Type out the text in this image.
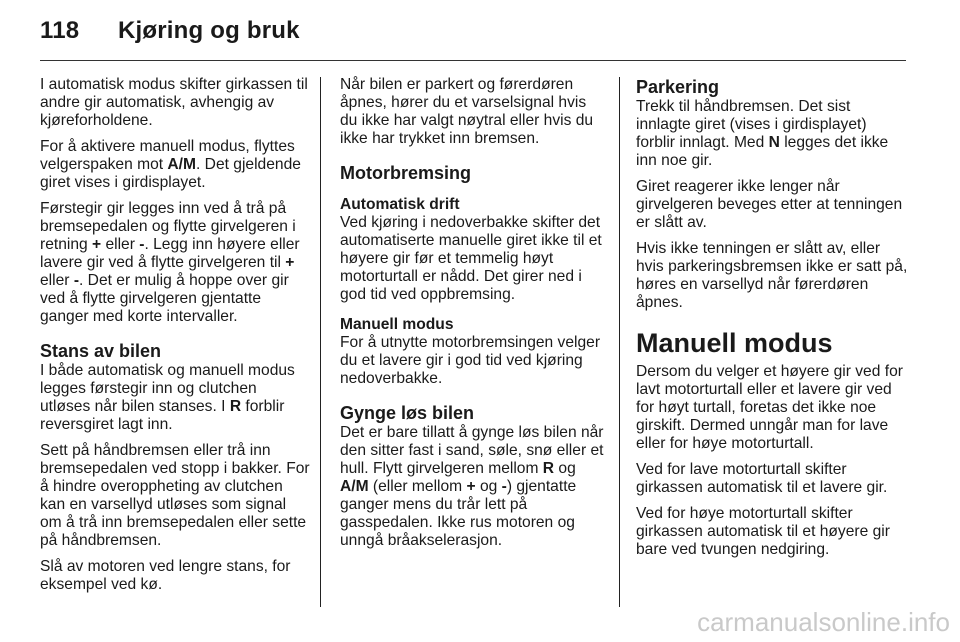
118 Kjøring og bruk

I automatisk modus skifter girkassen til andre gir automatisk, avhengig av kjøreforholdene.

For å aktivere manuell modus, flyttes velgerspaken mot A/M. Det gjeldende giret vises i girdisplayet.

Førstegir gir legges inn ved å trå på bremsepedalen og flytte girvelgeren i retning + eller -. Legg inn høyere eller lavere gir ved å flytte girvelgeren til + eller -. Det er mulig å hoppe over gir ved å flytte girvelgeren gjentatte ganger med korte intervaller.

Stans av bilen

I både automatisk og manuell modus legges førstegir inn og clutchen utløses når bilen stanses. I R forblir reversgiret lagt inn.

Sett på håndbremsen eller trå inn bremsepedalen ved stopp i bakker. For å hindre overoppheting av clutchen kan en varsellyd utløses som signal om å trå inn bremsepedalen eller sette på håndbremsen.

Slå av motoren ved lengre stans, for eksempel ved kø.

Når bilen er parkert og førerdøren åpnes, hører du et varselsignal hvis du ikke har valgt nøytral eller hvis du ikke har trykket inn bremsen.

Motorbremsing
Automatisk drift

Ved kjøring i nedoverbakke skifter det automatiserte manuelle giret ikke til et høyere gir før et temmelig høyt motorturtall er nådd. Det girer ned i god tid ved oppbremsing.

Manuell modus

For å utnytte motorbremsingen velger du et lavere gir i god tid ved kjøring nedoverbakke.

Gynge løs bilen

Det er bare tillatt å gynge løs bilen når den sitter fast i sand, søle, snø eller et hull. Flytt girvelgeren mellom R og A/M (eller mellom + og -) gjentatte ganger mens du trår lett på gasspedalen. Ikke rus motoren og unngå bråakselerasjon.

Parkering

Trekk til håndbremsen. Det sist innlagte giret (vises i girdisplayet) forblir innlagt. Med N legges det ikke inn noe gir.

Giret reagerer ikke lenger når girvelgeren beveges etter at tenningen er slått av.

Hvis ikke tenningen er slått av, eller hvis parkeringsbremsen ikke er satt på, høres en varsellyd når førerdøren åpnes.

Manuell modus

Dersom du velger et høyere gir ved for lavt motorturtall eller et lavere gir ved for høyt turtall, foretas det ikke noe girskift. Dermed unngår man for lave eller for høye motorturtall.

Ved for lave motorturtall skifter girkassen automatisk til et lavere gir.

Ved for høye motorturtall skifter girkassen automatisk til et høyere gir bare ved tvungen nedgiring.

carmanualsonline.info
